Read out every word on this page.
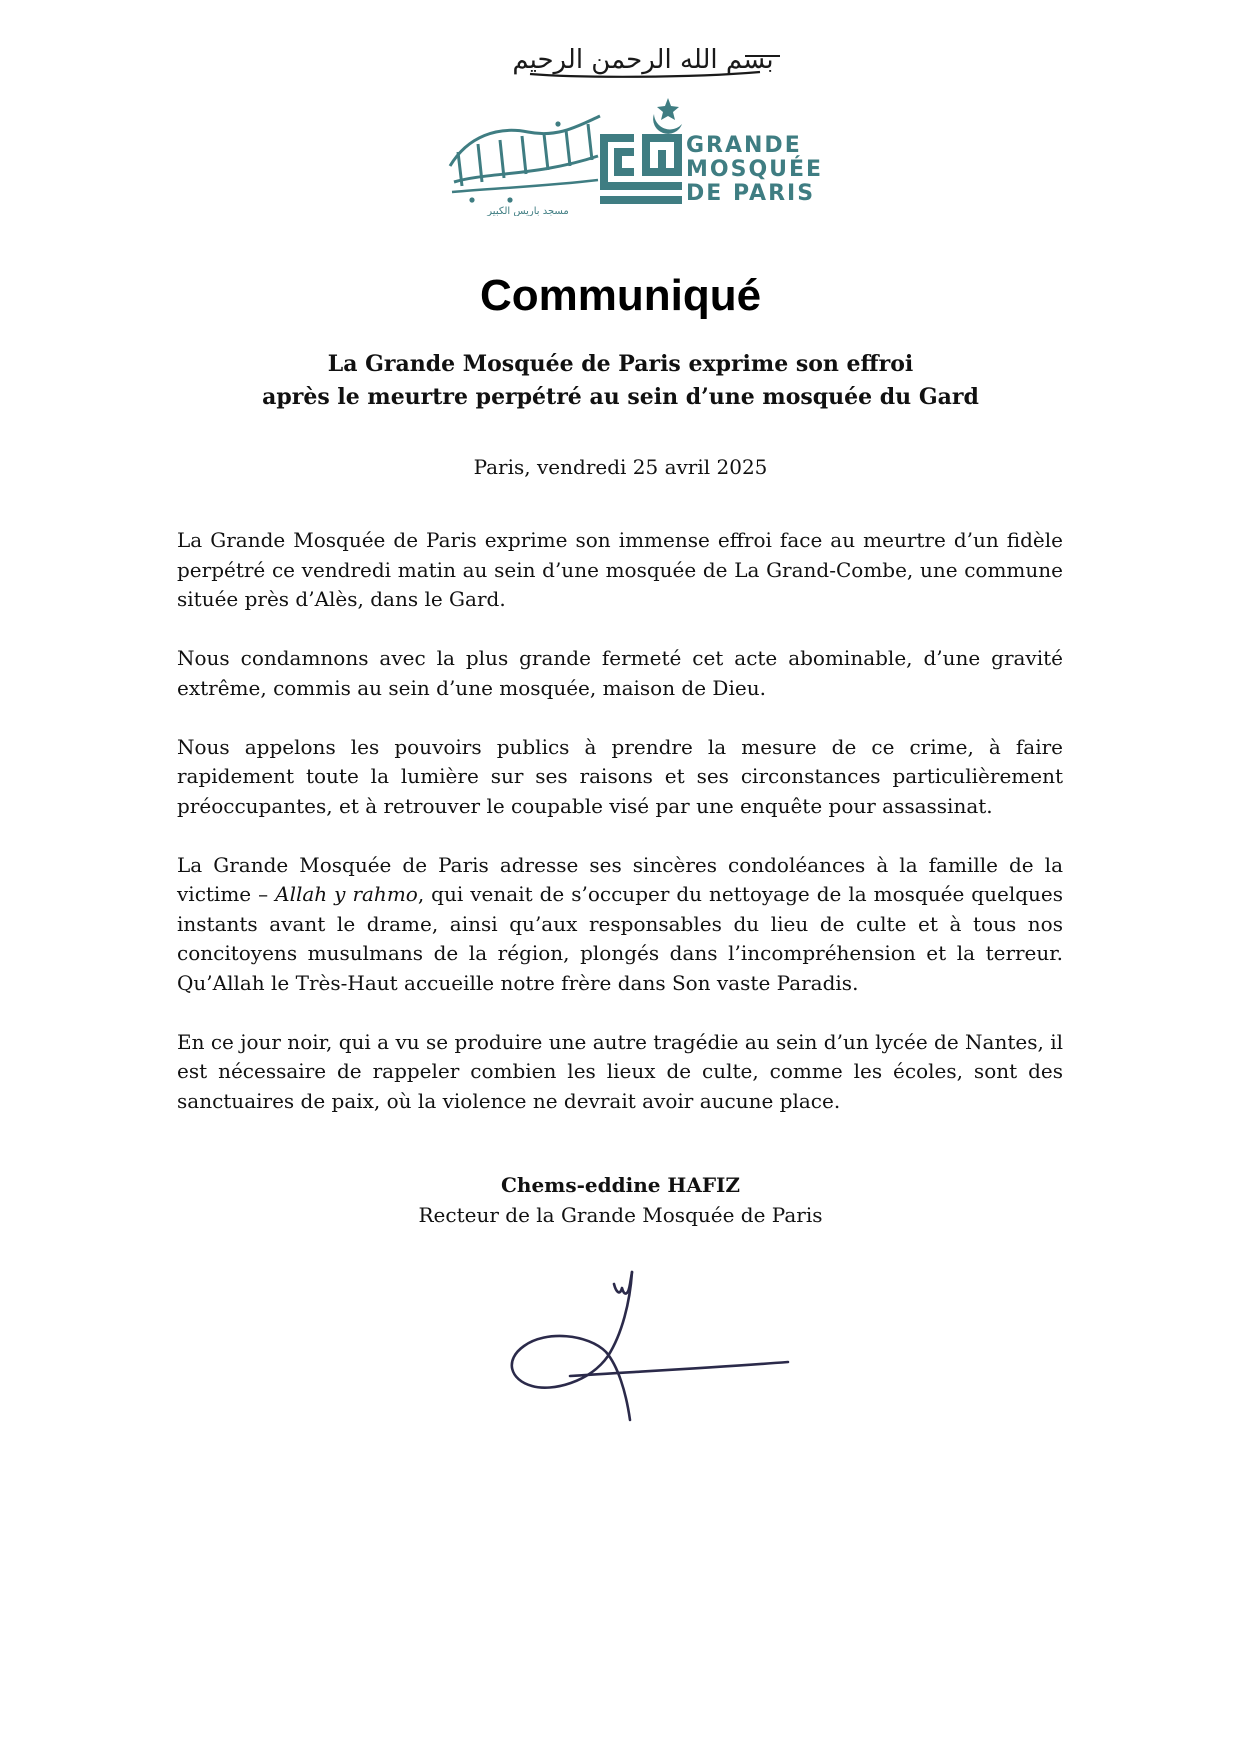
بسم الله الرحمن الرحيم
مسجد باريس الكبير
GRANDE
MOSQUÉE
DE PARIS
Communiqué
La Grande Mosquée de Paris exprime son effroi
après le meurtre perpétré au sein d’une mosquée du Gard
Paris, vendredi 25 avril 2025

La Grande Mosquée de Paris exprime son immense effroi face au meurtre d’un fidèle perpétré ce vendredi matin au sein d’une mosquée de La Grand-Combe, une commune située près d’Alès, dans le Gard.

Nous condamnons avec la plus grande fermeté cet acte abominable, d’une gravité extrême, commis au sein d’une mosquée, maison de Dieu.

Nous appelons les pouvoirs publics à prendre la mesure de ce crime, à faire rapidement toute la lumière sur ses raisons et ses circonstances particulièrement préoccupantes, et à retrouver le coupable visé par une enquête pour assassinat.

La Grande Mosquée de Paris adresse ses sincères condoléances à la famille de la victime – Allah y rahmo, qui venait de s’occuper du nettoyage de la mosquée quelques instants avant le drame, ainsi qu’aux responsables du lieu de culte et à tous nos concitoyens musulmans de la région, plongés dans l’incompréhension et la terreur. Qu’Allah le Très-Haut accueille notre frère dans Son vaste Paradis.

En ce jour noir, qui a vu se produire une autre tragédie au sein d’un lycée de Nantes, il est nécessaire de rappeler combien les lieux de culte, comme les écoles, sont des sanctuaires de paix, où la violence ne devrait avoir aucune place.

Chems-eddine HAFIZ
Recteur de la Grande Mosquée de Paris
